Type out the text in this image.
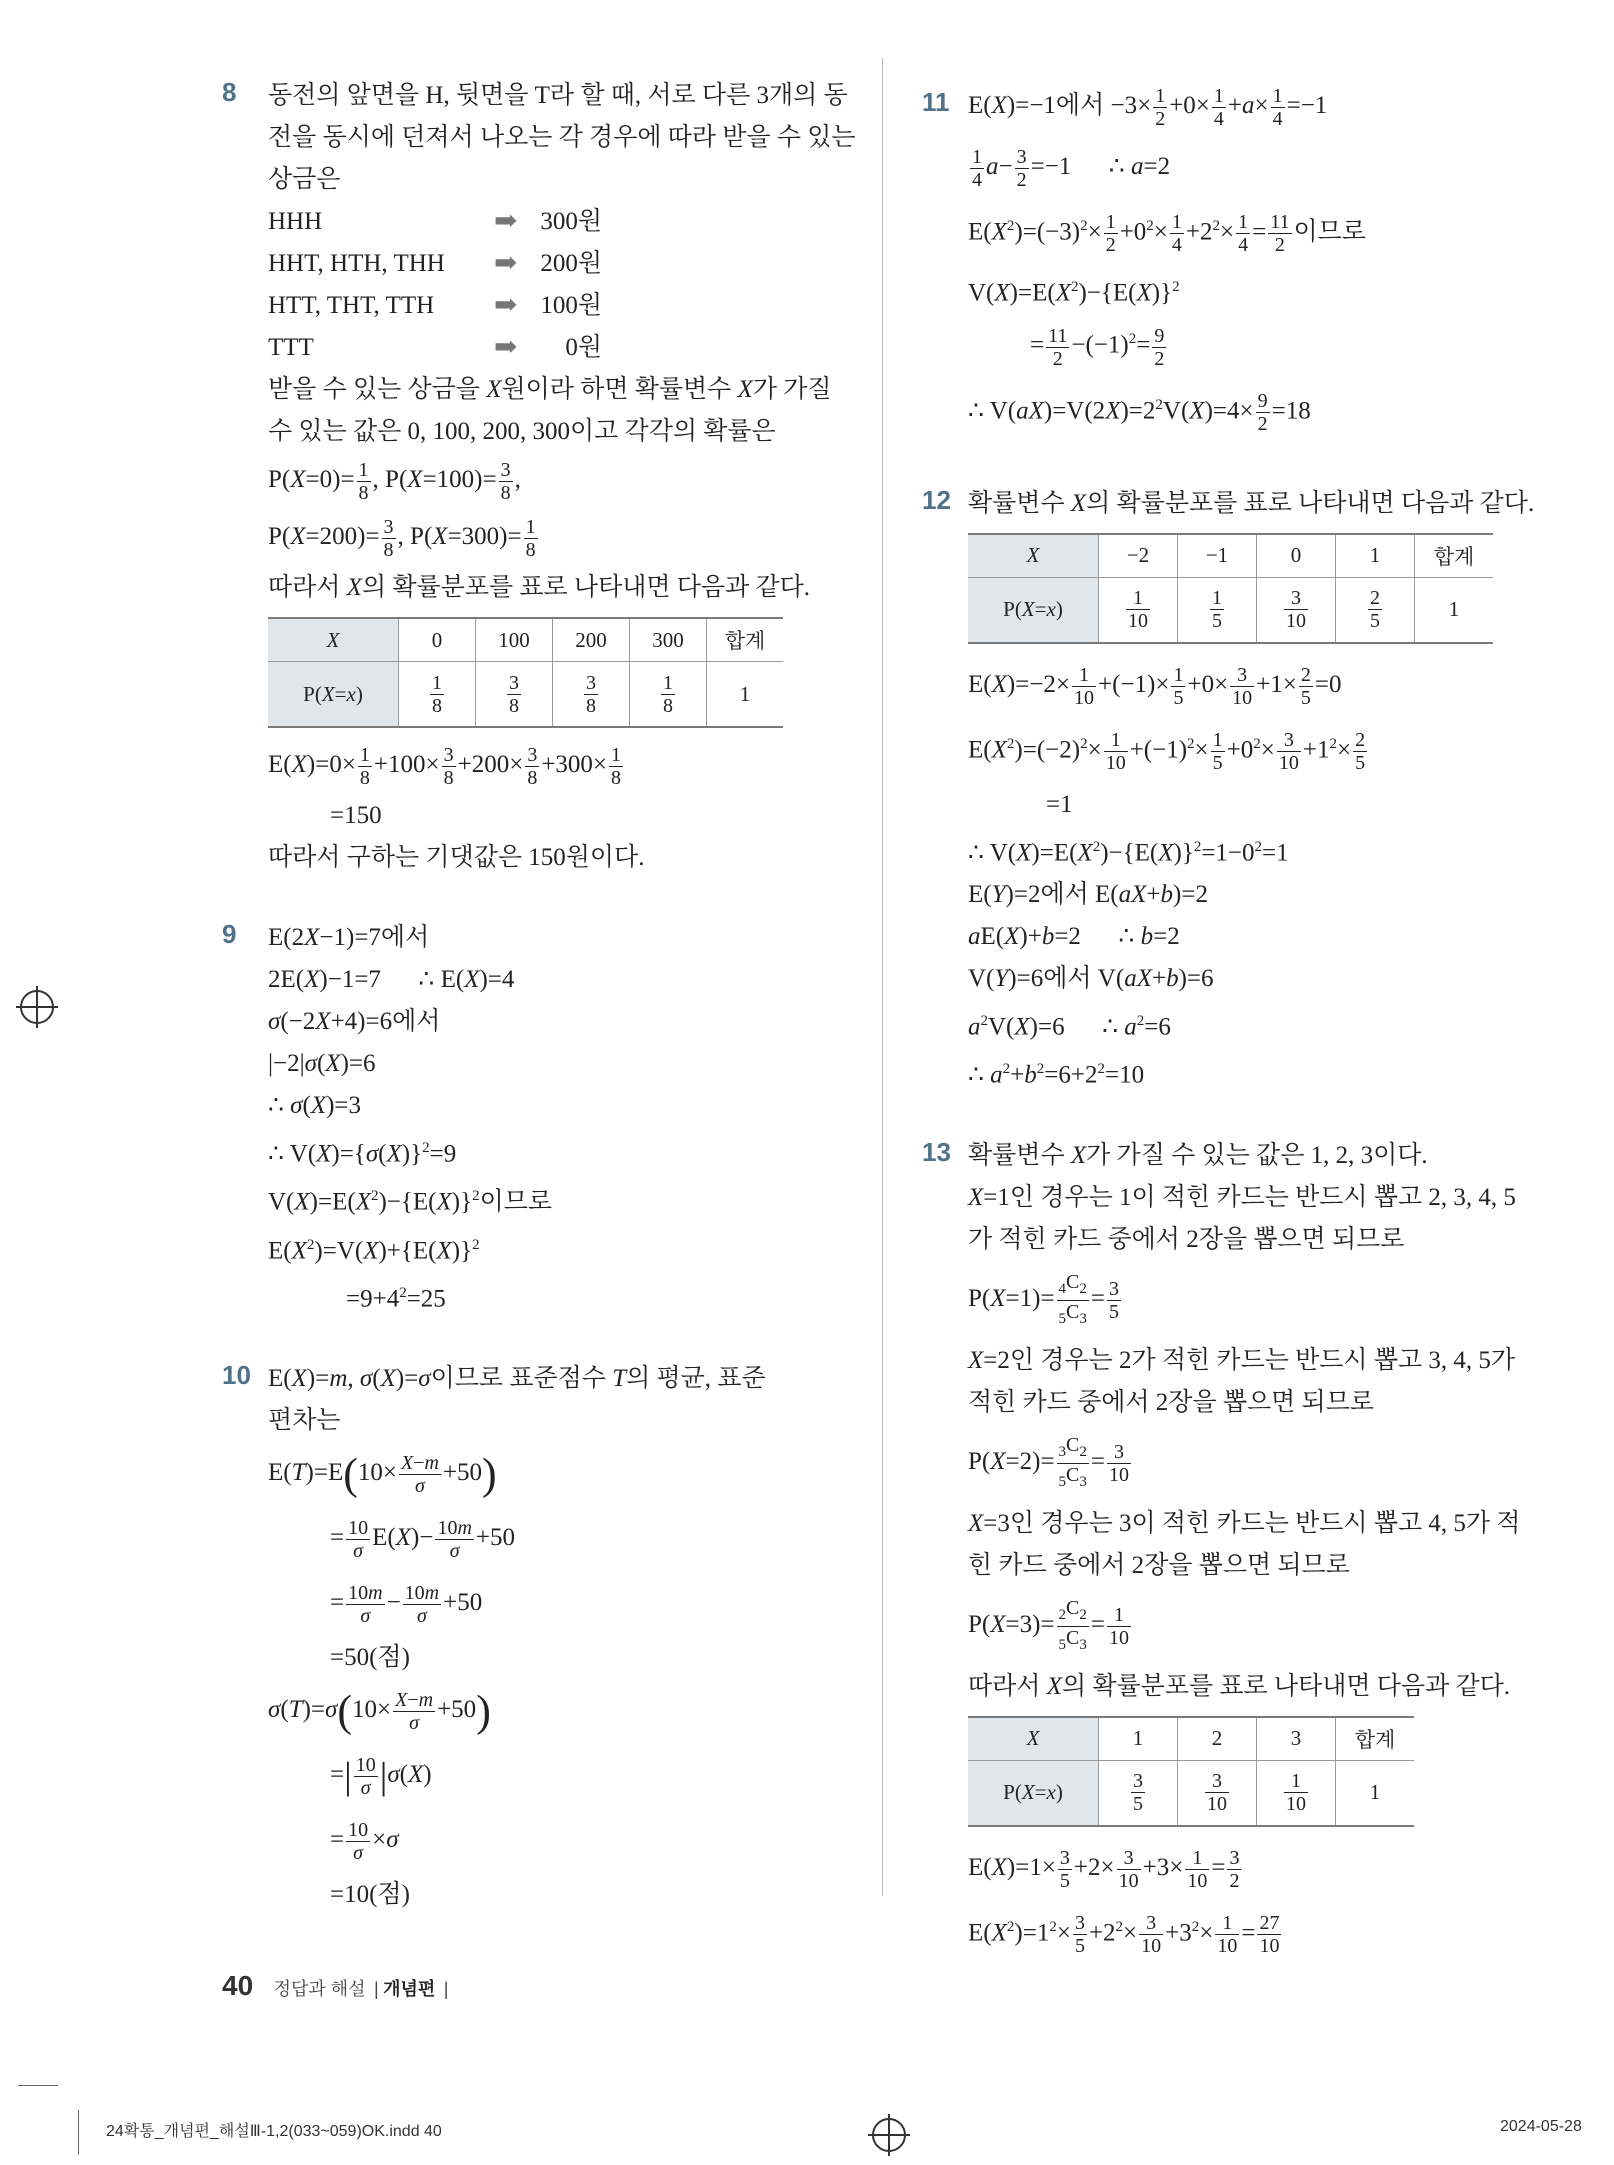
8 동전의 앞면을 H, 뒷면을 T라 할 때, 서로 다른 3개의 동
전을 동시에 던져서 나오는 각 경우에 따라 받을 수 있는
상금은
HHH	➡ 300원
HHT, HTH, THH	➡ 200원
HTT, THT, TTH	➡ 100원
TTT	➡	0원
받을 수 있는 상금을 X원이라 하면 확률변수 X가 가질
수 있는 값은 0, 100, 200, 300이고 각각의 확률은
$P(X=0)= \frac{1}{8}$ , $P(X=100)= \frac{3}{8}$ ,
$P(X=200)= \frac{3}{8}$ , $P(X=300)= \frac{1}{8}$
따라서 X의 확률분포를 표로 나타내면 다음과 같다.
X	0	100	200	300	합계
P(X=x)	$\frac{1}{8}$	$\frac{3}{8}$	$\frac{3}{8}$	$\frac{1}{8}$	1
$E(X)=0\times \frac{1}{8} +100\times \frac{3}{8} +200\times \frac{3}{8} +300\times \frac{1}{8}$
=150
따라서 구하는 기댓값은 150원이다.
9 E(2X−1)=7에서
2E(X)−1=7      ∴ E(X)=4
σ(−2X+4)=6에서
|−2|σ(X)=6
∴ σ(X)=3
∴ $V(X)=\{\sigma(X)\}^2=9$
$V(X)=E(X^2)-\{E(X)\}^2$이므로
$E(X^2)=V(X)+\{E(X)\}^2$
$=9+4^2=25$
10 E(X)=m, σ(X)=σ이므로 표준점수 T의 평균, 표준
편차는
$E(T)=E(10\times \frac{X-m}{\sigma} +50)$
= $\frac{10}{\sigma} E(X)- \frac{10m}{\sigma} +50$
= $\frac{10m}{\sigma} - \frac{10m}{\sigma} +50$
=50(점)
$\sigma(T)=\sigma(10\times \frac{X-m}{\sigma} +50)$
=| $\frac{10}{\sigma} |\sigma(X)$
= $\frac{10}{\sigma} \times\sigma$
=10(점)
11 E(X)=−1에서 $-3\times \frac{1}{2} +0\times \frac{1}{4} +a\times \frac{1}{4} =-1$
$\frac{1}{4} a- \frac{3}{2} =-1$      ∴ a=2
$E(X^2)=(-3)^2\times \frac{1}{2} +0^2\times \frac{1}{4} +2^2\times \frac{1}{4} = \frac{11}{2}$ 이므로
$V(X)=E(X^2)-\{E(X)\}^2$
= $\frac{11}{2} -(-1)^2= \frac{9}{2}$
∴ $V(aX)=V(2X)=2^2V(X)=4\times \frac{9}{2} =18$
12 확률변수 X의 확률분포를 표로 나타내면 다음과 같다.
X	−2	−1	0	1	합계
P(X=x)	$\frac{1}{10}$	$\frac{1}{5}$	$\frac{3}{10}$	$\frac{2}{5}$	1
$E(X)=-2\times \frac{1}{10} +(-1)\times \frac{1}{5} +0\times \frac{3}{10} +1\times \frac{2}{5} =0$
$E(X^2)=(-2)^2\times \frac{1}{10} +(-1)^2\times \frac{1}{5} +0^2\times \frac{3}{10} +1^2\times \frac{2}{5}$
=1
∴ $V(X)=E(X^2)-\{E(X)\}^2=1-0^2=1$
E(Y)=2에서 E(aX+b)=2
aE(X)+b=2      ∴ b=2
V(Y)=6에서 V(aX+b)=6
$a^2V(X)=6$      ∴ $a^2=6$
∴ $a^2+b^2=6+2^2=10$
13 확률변수 X가 가질 수 있는 값은 1, 2, 3이다.
X=1인 경우는 1이 적힌 카드는 반드시 뽑고 2, 3, 4, 5
가 적힌 카드 중에서 2장을 뽑으면 되므로
$P(X=1)= \frac{_4C_2}{_5C_3} = \frac{3}{5}$
X=2인 경우는 2가 적힌 카드는 반드시 뽑고 3, 4, 5가
적힌 카드 중에서 2장을 뽑으면 되므로
$P(X=2)= \frac{_3C_2}{_5C_3} = \frac{3}{10}$
X=3인 경우는 3이 적힌 카드는 반드시 뽑고 4, 5가 적
힌 카드 중에서 2장을 뽑으면 되므로
$P(X=3)= \frac{_2C_2}{_5C_3} = \frac{1}{10}$
따라서 X의 확률분포를 표로 나타내면 다음과 같다.
X	1	2	3	합계
P(X=x)	$\frac{3}{5}$	$\frac{3}{10}$	$\frac{1}{10}$	1
$E(X)=1\times \frac{3}{5} +2\times \frac{3}{10} +3\times \frac{1}{10} = \frac{3}{2}$
$E(X^2)=1^2\times \frac{3}{5} +2^2\times \frac{3}{10} +3^2\times \frac{1}{10} = \frac{27}{10}$
40 정답과 해설 | 개념편 |
24확통_개념편_해설Ⅲ-1,2(033~059)OK.indd 40	2024-05-28
